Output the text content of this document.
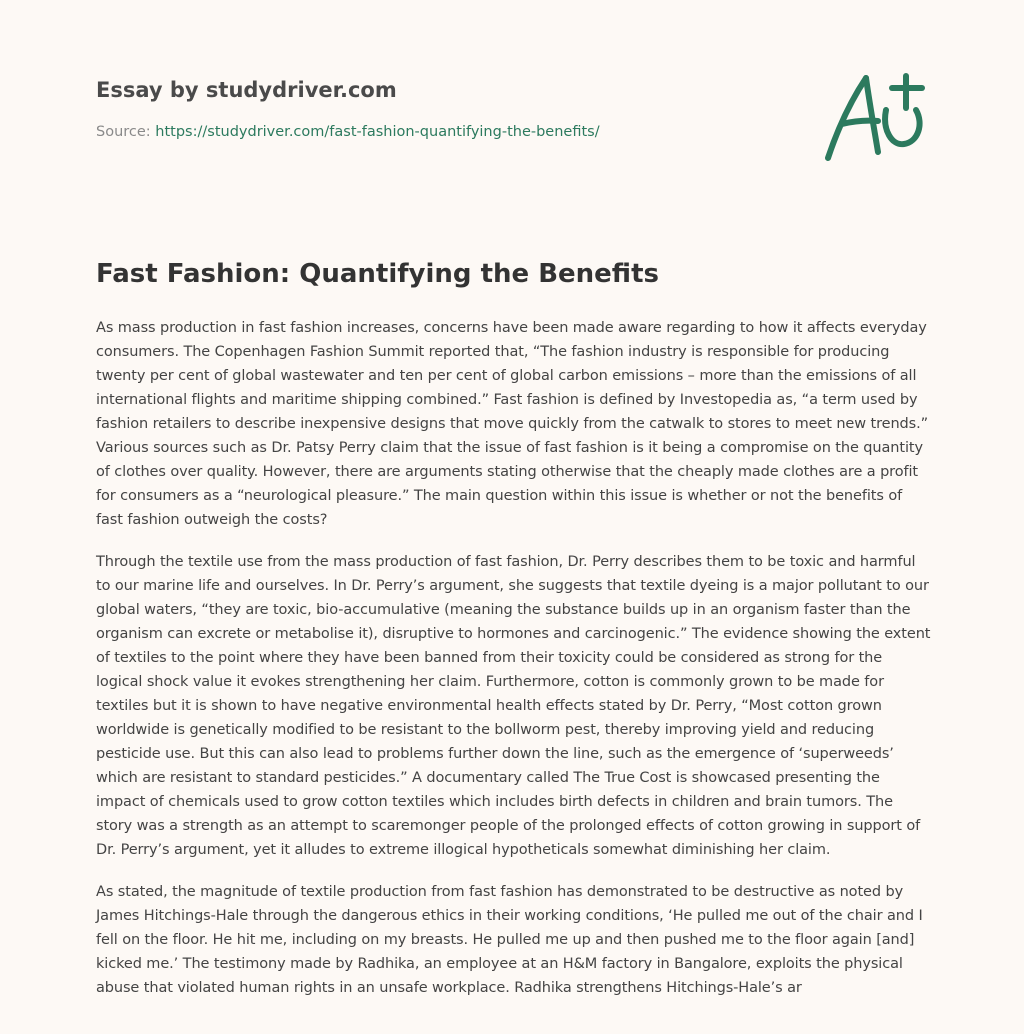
Essay by studydriver.com
Source: https://studydriver.com/fast-fashion-quantifying-the-benefits/
Fast Fashion: Quantifying the Benefits

As mass production in fast fashion increases, concerns have been made aware regarding to how it affects everyday consumers. The Copenhagen Fashion Summit reported that, “The fashion industry is responsible for producing twenty per cent of global wastewater and ten per cent of global carbon emissions – more than the emissions of all international flights and maritime shipping combined.” Fast fashion is defined by Investopedia as, “a term used by fashion retailers to describe inexpensive designs that move quickly from the catwalk to stores to meet new trends.” Various sources such as Dr. Patsy Perry claim that the issue of fast fashion is it being a compromise on the quantity of clothes over quality. However, there are arguments stating otherwise that the cheaply made clothes are a profit for consumers as a “neurological pleasure.” The main question within this issue is whether or not the benefits of fast fashion outweigh the costs?

Through the textile use from the mass production of fast fashion, Dr. Perry describes them to be toxic and harmful to our marine life and ourselves. In Dr. Perry’s argument, she suggests that textile dyeing is a major pollutant to our global waters, “they are toxic, bio-accumulative (meaning the substance builds up in an organism faster than the organism can excrete or metabolise it), disruptive to hormones and carcinogenic.” The evidence showing the extent of textiles to the point where they have been banned from their toxicity could be considered as strong for the logical shock value it evokes strengthening her claim. Furthermore, cotton is commonly grown to be made for textiles but it is shown to have negative environmental health effects stated by Dr. Perry, “Most cotton grown worldwide is genetically modified to be resistant to the bollworm pest, thereby improving yield and reducing pesticide use. But this can also lead to problems further down the line, such as the emergence of ‘superweeds’ which are resistant to standard pesticides.” A documentary called The True Cost is showcased presenting the impact of chemicals used to grow cotton textiles which includes birth defects in children and brain tumors. The story was a strength as an attempt to scaremonger people of the prolonged effects of cotton growing in support of Dr. Perry’s argument, yet it alludes to extreme illogical hypotheticals somewhat diminishing her claim.

As stated, the magnitude of textile production from fast fashion has demonstrated to be destructive as noted by James Hitchings-Hale through the dangerous ethics in their working conditions, ‘He pulled me out of the chair and I fell on the floor. He hit me, including on my breasts. He pulled me up and then pushed me to the floor again [and] kicked me.’ The testimony made by Radhika, an employee at an H&M factory in Bangalore, exploits the physical abuse that violated human rights in an unsafe workplace. Radhika strengthens Hitchings-Hale’s ar
